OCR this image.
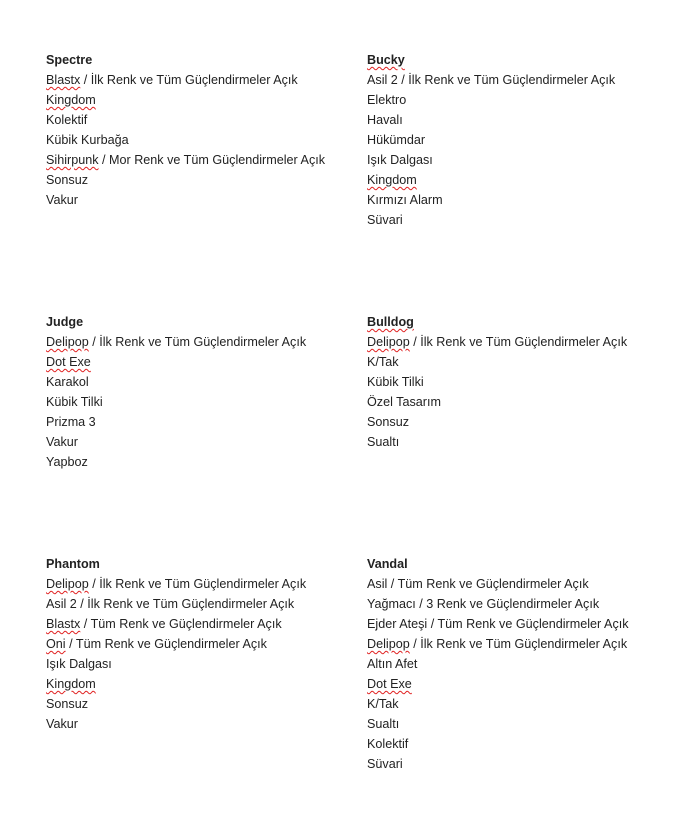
Spectre
Blastx / İlk Renk ve Tüm Güçlendirmeler Açık
Kingdom
Kolektif
Kübik Kurbağa
Sihirpunk / Mor Renk ve Tüm Güçlendirmeler Açık
Sonsuz
Vakur
Bucky
Asil 2 / İlk Renk ve Tüm Güçlendirmeler Açık
Elektro
Havalı
Hükümdar
Işık Dalgası
Kingdom
Kırmızı Alarm
Süvari
Judge
Delipop / İlk Renk ve Tüm Güçlendirmeler Açık
Dot Exe
Karakol
Kübik Tilki
Prizma 3
Vakur
Yapboz
Bulldog
Delipop / İlk Renk ve Tüm Güçlendirmeler Açık
K/Tak
Kübik Tilki
Özel Tasarım
Sonsuz
Sualtı
Phantom
Delipop / İlk Renk ve Tüm Güçlendirmeler Açık
Asil 2 / İlk Renk ve Tüm Güçlendirmeler Açık
Blastx / Tüm Renk ve Güçlendirmeler Açık
Oni / Tüm Renk ve Güçlendirmeler Açık
Işık Dalgası
Kingdom
Sonsuz
Vakur
Vandal
Asil / Tüm Renk ve Güçlendirmeler Açık
Yağmacı / 3 Renk ve Güçlendirmeler Açık
Ejder Ateşi / Tüm Renk ve Güçlendirmeler Açık
Delipop / İlk Renk ve Tüm Güçlendirmeler Açık
Altın Afet
Dot Exe
K/Tak
Sualtı
Kolektif
Süvari
